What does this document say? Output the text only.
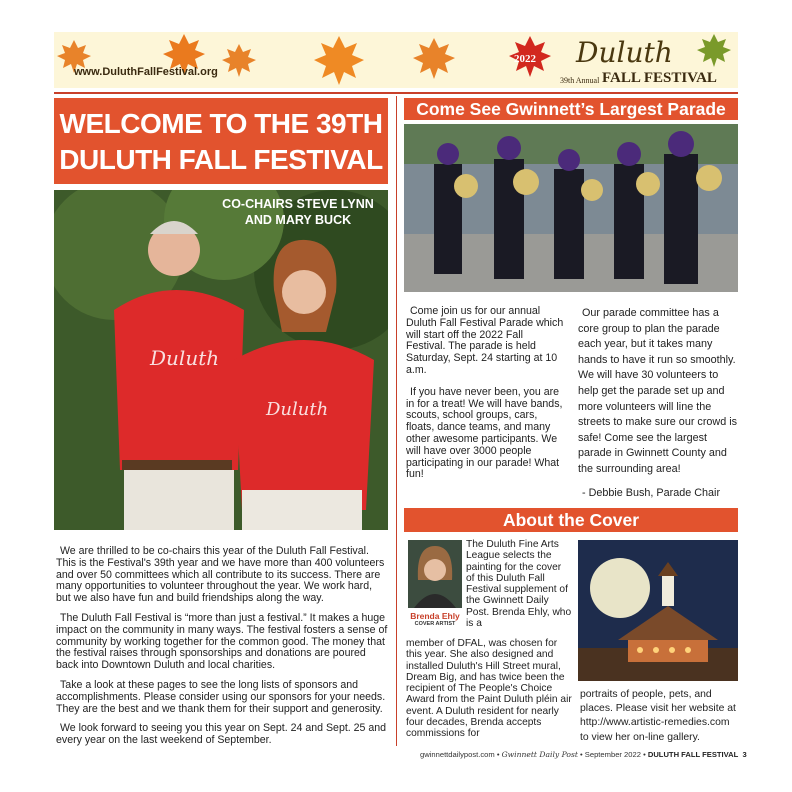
www.DuluthFallFestival.org
2022 Duluth
39th Annual FALL FESTIVAL
WELCOME TO THE 39TH
DULUTH FALL FESTIVAL
Duluth
Duluth
CO-CHAIRS STEVE LYNN
AND MARY BUCK

We are thrilled to be co-chairs this year of the Duluth Fall Festival. This is the Festival's 39th year and we have more than 400 volunteers and over 50 committees which all contribute to its success. There are many opportunities to volunteer throughout the year. We work hard, but we also have fun and build friendships along the way.

The Duluth Fall Festival is “more than just a festival.” It makes a huge impact on the community in many ways. The festival fosters a sense of community by working together for the common good. The money that the festival raises through sponsorships and donations are poured back into Downtown Duluth and local charities.

Take a look at these pages to see the long lists of sponsors and accomplishments. Please consider using our sponsors for your needs. They are the best and we thank them for their support and generosity.

We look forward to seeing you this year on Sept. 24 and Sept. 25 and every year on the last weekend of September.

Come See Gwinnett’s Largest Parade

Come join us for our annual Duluth Fall Festival Parade which will start off the 2022 Fall Festival. The parade is held Saturday, Sept. 24 starting at 10 a.m.

If you have never been, you are in for a treat! We will have bands, scouts, school groups, cars, floats, dance teams, and many other awesome participants. We will have over 3000 people participating in our parade! What fun!

Our parade committee has a core group to plan the parade each year, but it takes many hands to have it run so smoothly. We will have 30 volunteers to help get the parade set up and more volunteers will line the streets to make sure our crowd is safe! Come see the largest parade in Gwinnett County and the surrounding area!

- Debbie Bush, Parade Chair

About the Cover
Brenda Ehly
COVER ARTIST
The Duluth Fine Arts League selects the painting for the cover of this Duluth Fall Festival supplement of the Gwinnett Daily Post. Brenda Ehly, who is a
member of DFAL, was chosen for this year. She also designed and installed Duluth's Hill Street mural, Dream Big, and has twice been the recipient of The People's Choice Award from the Paint Duluth pléin air event. A Duluth resident for nearly four decades, Brenda accepts commissions for
portraits of people, pets, and places. Please visit her website at http://www.artistic-remedies.com to view her on-line gallery.
gwinnettdailypost.com • Gwinnett Daily Post • September 2022 • DULUTH FALL FESTIVAL 3
